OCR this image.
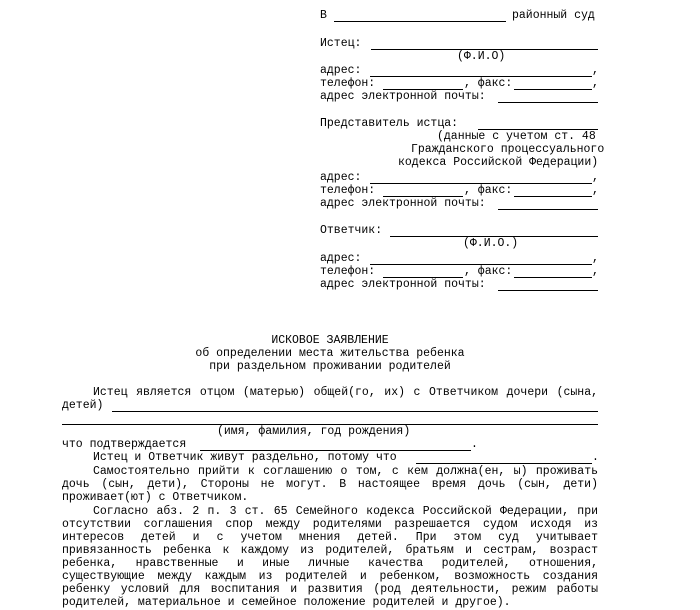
В	районный суд
Истец:
(Ф.И.О)
адрес:	,
телефон:	, факс:	,
адрес электронной почты:
Представитель истца:
(данные с учетом ст. 48
Гражданского процессуального
кодекса Российской Федерации)
адрес:	,
телефон:	, факс:	,
адрес электронной почты:
Ответчик:
(Ф.И.О.)
адрес:	,
телефон:	, факс:	,
адрес электронной почты:
ИСКОВОЕ ЗАЯВЛЕНИЕ
об определении места жительства ребенка
при раздельном проживании родителей
Истец является отцом (матерью) общей(го, их) с Ответчиком дочери (сына,
детей)
(имя, фамилия, год рождения)
что подтверждается	.
Истец и Ответчик живут раздельно, потому что	.
Самостоятельно прийти к соглашению о том, с кем должна(ен, ы) проживать
дочь (сын, дети), Стороны не могут. В настоящее время дочь (сын, дети)
проживает(ют) с Ответчиком.
Согласно абз. 2 п. 3 ст. 65 Семейного кодекса Российской Федерации, при
отсутствии соглашения спор между родителями разрешается судом исходя из
интересов детей и с учетом мнения детей. При этом суд учитывает
привязанность ребенка к каждому из родителей, братьям и сестрам, возраст
ребенка, нравственные и иные личные качества родителей, отношения,
существующие между каждым из родителей и ребенком, возможность создания
ребенку условий для воспитания и развития (род деятельности, режим работы
родителей, материальное и семейное положение родителей и другое).
